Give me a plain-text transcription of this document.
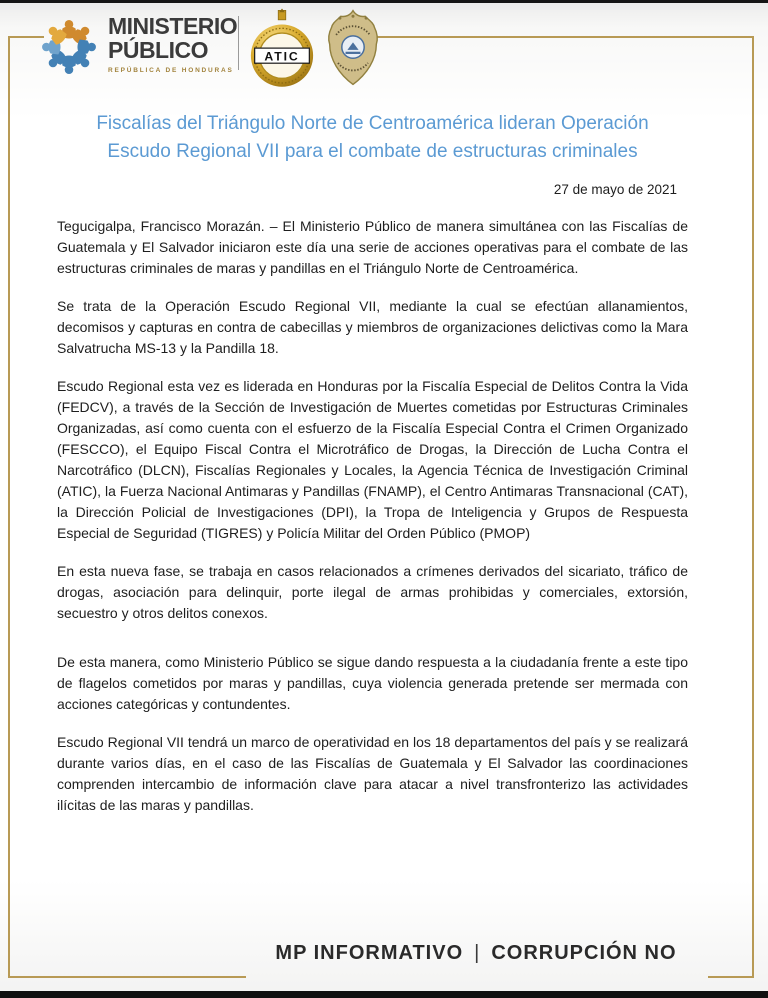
MINISTERIO
PÚBLICO
REPÚBLICA DE HONDURAS
ATIC
Fiscalías del Triángulo Norte de Centroamérica lideran Operación
Escudo Regional VII para el combate de estructuras criminales
27 de mayo de 2021

Tegucigalpa, Francisco Morazán. – El Ministerio Público de manera simultánea con las Fiscalías de Guatemala y El Salvador iniciaron este día una serie de acciones operativas para el combate de las estructuras criminales de maras y pandillas en el Triángulo Norte de Centroamérica.

Se trata de la Operación Escudo Regional VII, mediante la cual se efectúan allanamientos, decomisos y capturas en contra de cabecillas y miembros de organizaciones delictivas como la Mara Salvatrucha MS-13 y la Pandilla 18.

Escudo Regional esta vez es liderada en Honduras por la Fiscalía Especial de Delitos Contra la Vida (FEDCV), a través de la Sección de Investigación de Muertes cometidas por Estructuras Criminales Organizadas, así como cuenta con el esfuerzo de la Fiscalía Especial Contra el Crimen Organizado (FESCCO), el Equipo Fiscal Contra el Microtráfico de Drogas, la Dirección de Lucha Contra el Narcotráfico (DLCN), Fiscalías Regionales y Locales, la Agencia Técnica de Investigación Criminal (ATIC), la Fuerza Nacional Antimaras y Pandillas (FNAMP), el Centro Antimaras Transnacional (CAT), la Dirección Policial de Investigaciones (DPI), la Tropa de Inteligencia y Grupos de Respuesta Especial de Seguridad (TIGRES) y Policía Militar del Orden Público (PMOP)

En esta nueva fase, se trabaja en casos relacionados a crímenes derivados del sicariato, tráfico de drogas, asociación para delinquir, porte ilegal de armas prohibidas y comerciales, extorsión, secuestro y otros delitos conexos.

De esta manera, como Ministerio Público se sigue dando respuesta a la ciudadanía frente a este tipo de flagelos cometidos por maras y pandillas, cuya violencia generada pretende ser mermada con acciones categóricas y contundentes.

Escudo Regional VII tendrá un marco de operatividad en los 18 departamentos del país y se realizará durante varios días, en el caso de las Fiscalías de Guatemala y El Salvador las coordinaciones comprenden intercambio de información clave para atacar a nivel transfronterizo las actividades ilícitas de las maras y pandillas.

MP INFORMATIVO | CORRUPCIÓN NO
